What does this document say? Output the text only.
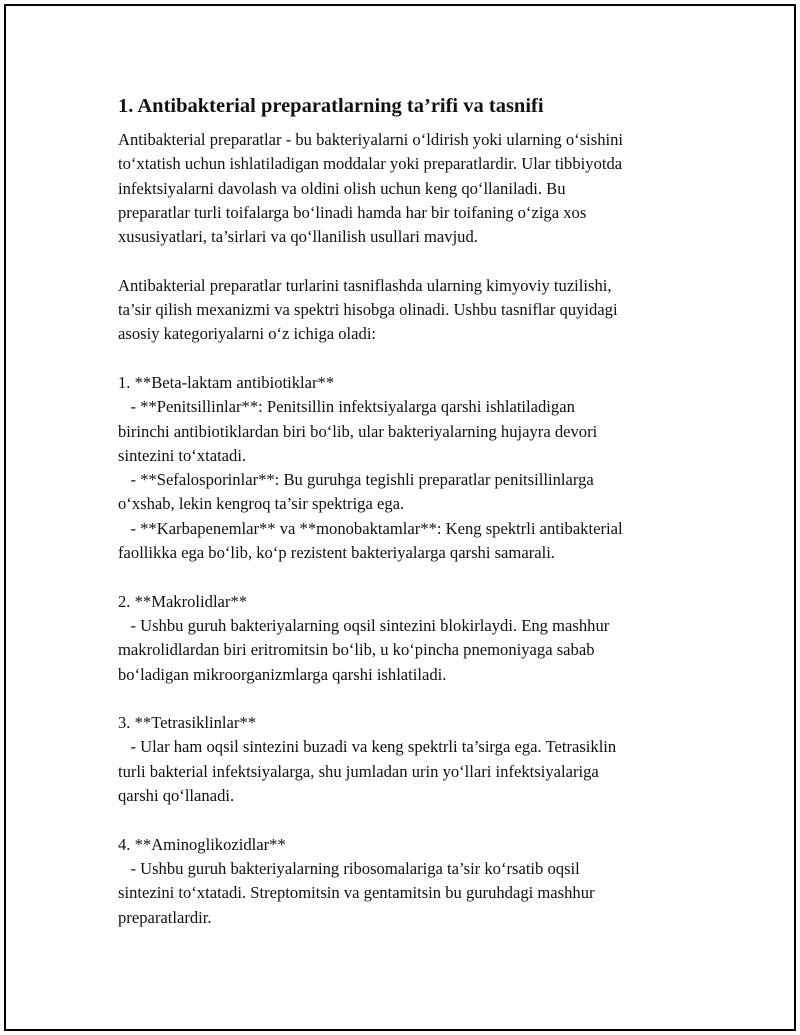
1. Antibakterial preparatlarning ta’rifi va tasnifi
Antibakterial preparatlar - bu bakteriyalarni o‘ldirish yoki ularning o‘sishini
to‘xtatish uchun ishlatiladigan moddalar yoki preparatlardir. Ular tibbiyotda
infektsiyalarni davolash va oldini olish uchun keng qo‘llaniladi. Bu
preparatlar turli toifalarga bo‘linadi hamda har bir toifaning o‘ziga xos
xususiyatlari, ta’sirlari va qo‘llanilish usullari mavjud.
Antibakterial preparatlar turlarini tasniflashda ularning kimyoviy tuzilishi,
ta’sir qilish mexanizmi va spektri hisobga olinadi. Ushbu tasniflar quyidagi
asosiy kategoriyalarni o‘z ichiga oladi:
1. **Beta-laktam antibiotiklar**
- **Penitsillinlar**: Penitsillin infektsiyalarga qarshi ishlatiladigan
birinchi antibiotiklardan biri bo‘lib, ular bakteriyalarning hujayra devori
sintezini to‘xtatadi.
- **Sefalosporinlar**: Bu guruhga tegishli preparatlar penitsillinlarga
o‘xshab, lekin kengroq ta’sir spektriga ega.
- **Karbapenemlar** va **monobaktamlar**: Keng spektrli antibakterial
faollikka ega bo‘lib, ko‘p rezistent bakteriyalarga qarshi samarali.
2. **Makrolidlar**
- Ushbu guruh bakteriyalarning oqsil sintezini blokirlaydi. Eng mashhur
makrolidlardan biri eritromitsin bo‘lib, u ko‘pincha pnemoniyaga sabab
bo‘ladigan mikroorganizmlarga qarshi ishlatiladi.
3. **Tetrasiklinlar**
- Ular ham oqsil sintezini buzadi va keng spektrli ta’sirga ega. Tetrasiklin
turli bakterial infektsiyalarga, shu jumladan urin yo‘llari infektsiyalariga
qarshi qo‘llanadi.
4. **Aminoglikozidlar**
- Ushbu guruh bakteriyalarning ribosomalariga ta’sir ko‘rsatib oqsil
sintezini to‘xtatadi. Streptomitsin va gentamitsin bu guruhdagi mashhur
preparatlardir.
